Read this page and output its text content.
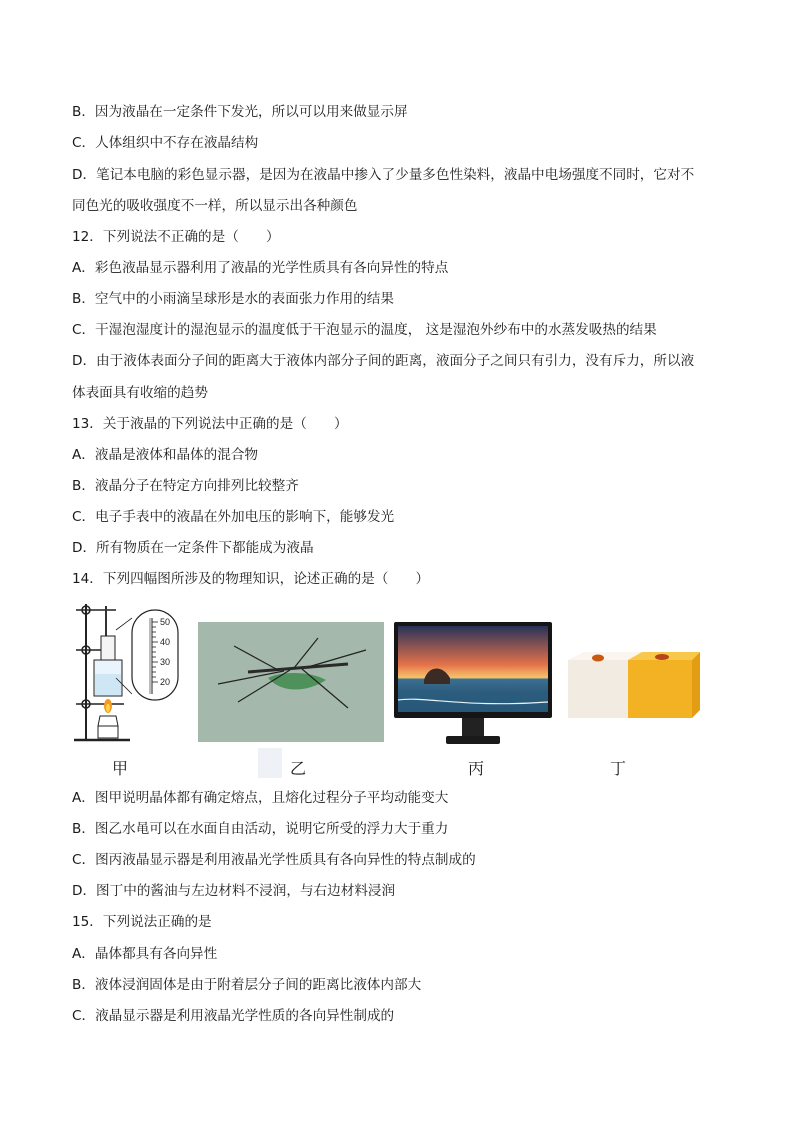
B．因为液晶在一定条件下发光，所以可以用来做显示屏
C．人体组织中不存在液晶结构
D．笔记本电脑的彩色显示器，是因为在液晶中掺入了少量多色性染料，液晶中电场强度不同时，它对不
同色光的吸收强度不一样，所以显示出各种颜色
12．下列说法不正确的是（　　）
A．彩色液晶显示器利用了液晶的光学性质具有各向异性的特点
B．空气中的小雨滴呈球形是水的表面张力作用的结果
C．干湿泡湿度计的湿泡显示的温度低于干泡显示的温度， 这是湿泡外纱布中的水蒸发吸热的结果
D．由于液体表面分子间的距离大于液体内部分子间的距离，液面分子之间只有引力，没有斥力，所以液
体表面具有收缩的趋势
13．关于液晶的下列说法中正确的是（　　）
A．液晶是液体和晶体的混合物
B．液晶分子在特定方向排列比较整齐
C．电子手表中的液晶在外加电压的影响下，能够发光
D．所有物质在一定条件下都能成为液晶
14．下列四幅图所涉及的物理知识，论述正确的是（　　）
50
40
30
20
甲	乙	丙	丁
A．图甲说明晶体都有确定熔点，且熔化过程分子平均动能变大
B．图乙水黾可以在水面自由活动，说明它所受的浮力大于重力
C．图丙液晶显示器是利用液晶光学性质具有各向异性的特点制成的
D．图丁中的酱油与左边材料不浸润，与右边材料浸润
15．下列说法正确的是
A．晶体都具有各向异性
B．液体浸润固体是由于附着层分子间的距离比液体内部大
C．液晶显示器是利用液晶光学性质的各向异性制成的
